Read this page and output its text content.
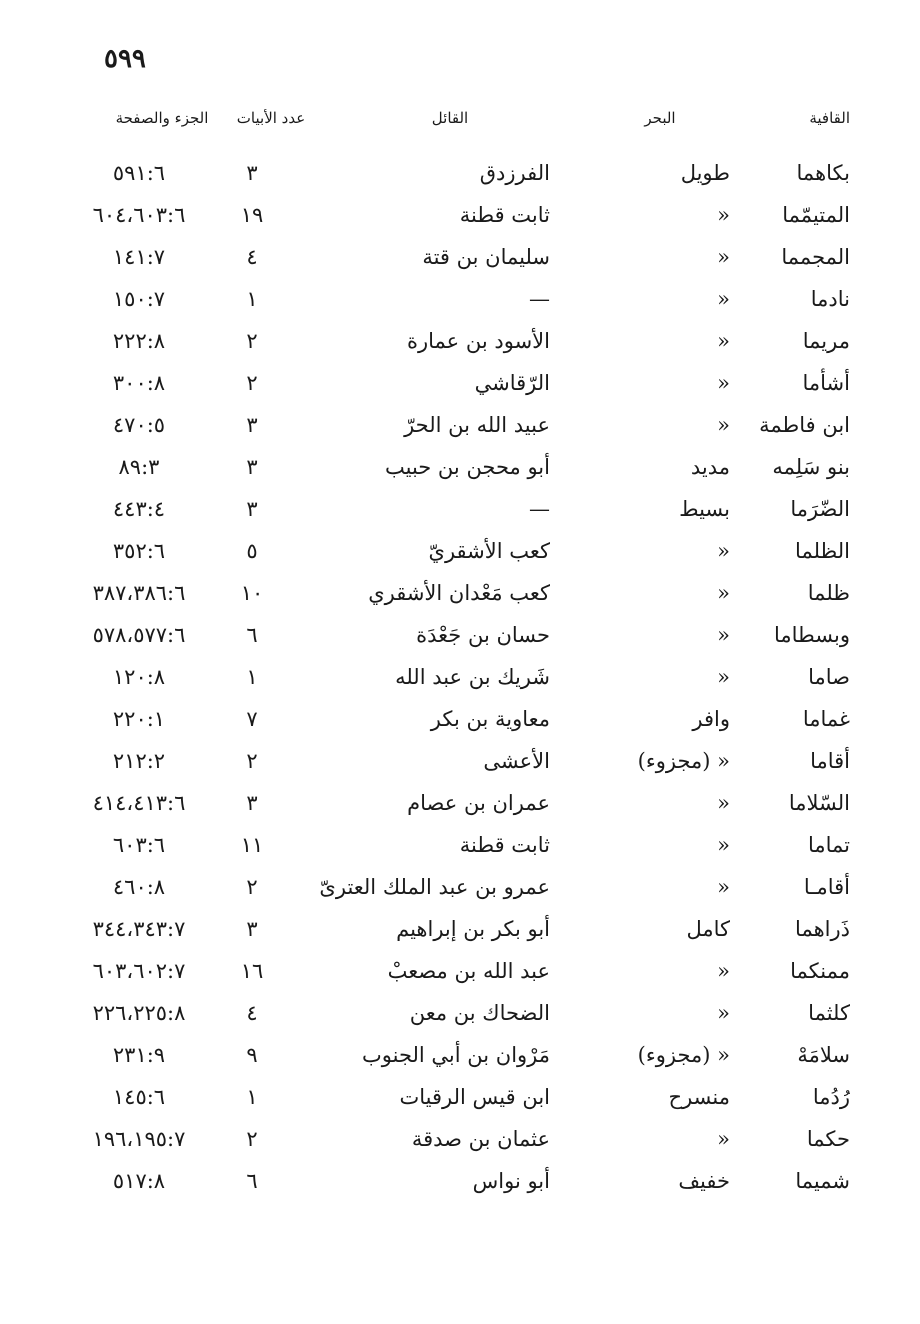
٥٩٩
القافية
البحر
القائل
عدد الأبيات
الجزء والصفحة
بكاهما
طويل
الفرزدق
٣
٥٩١:٦
المتيمّما
«
ثابت قطنة
١٩
٦٠٤،٦٠٣:٦
المجمما
«
سليمان بن قتة
٤
١٤١:٧
نادما
«
—
١
١٥٠:٧
مريما
«
الأسود بن عمارة
٢
٢٢٢:٨
أشأما
«
الرّقاشي
٢
٣٠٠:٨
ابن فاطمة
«
عبيد الله بن الحرّ
٣
٤٧٠:٥
بنو سَلِمه
مديد
أبو محجن بن حبيب
٣
٨٩:٣
الضّرَما
بسيط
—
٣
٤٤٣:٤
الظلما
«
كعب الأشقريّ
٥
٣٥٢:٦
ظلما
«
كعب مَعْدان الأشقري
١٠
٣٨٧،٣٨٦:٦
وبسطاما
«
حسان بن جَعْدَة
٦
٥٧٨،٥٧٧:٦
صاما
«
شَريك بن عبد الله
١
١٢٠:٨
غماما
وافر
معاوية بن بكر
٧
٢٢٠:١
أقاما
« (مجزوء)
الأعشى
٢
٢١٢:٢
السّلاما
«
عمران بن عصام
٣
٤١٤،٤١٣:٦
تماما
«
ثابت قطنة
١١
٦٠٣:٦
أقامـا
«
عمرو بن عبد الملك العترىّ
٢
٤٦٠:٨
ذَراهما
كامل
أبو بكر بن إبراهيم
٣
٣٤٤،٣٤٣:٧
ممنكما
«
عبد الله بن مصعبْ
١٦
٦٠٣،٦٠٢:٧
كلثما
«
الضحاك بن معن
٤
٢٢٦،٢٢٥:٨
سلامَهْ
« (مجزوء)
مَرْوان بن أبي الجنوب
٩
٢٣١:٩
رُدُما
منسرح
ابن قيس الرقيات
١
١٤٥:٦
حكما
«
عثمان بن صدقة
٢
١٩٦،١٩٥:٧
شميما
خفيف
أبو نواس
٦
٥١٧:٨
